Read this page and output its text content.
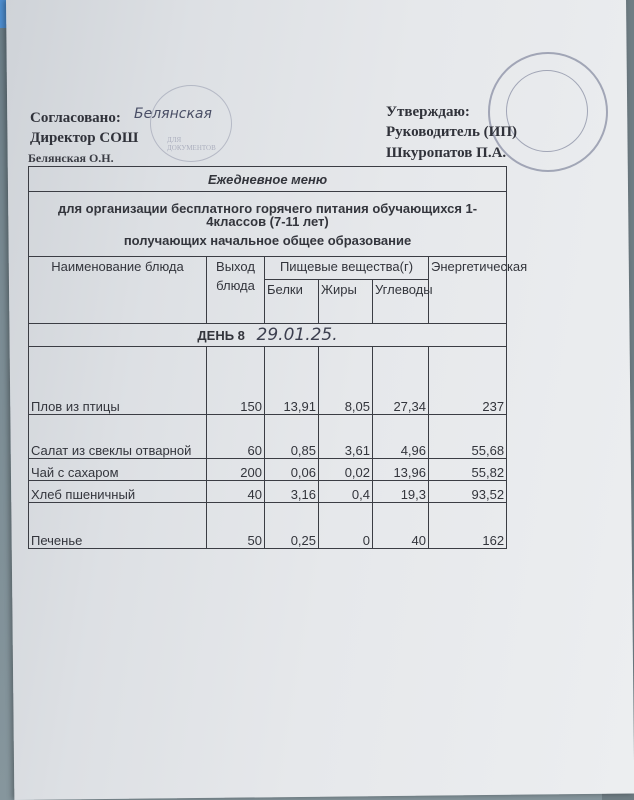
ДЛЯ ДОКУМЕНТОВ
Согласовано: Белянская
Директор СОШ
Белянская О.Н.
Утверждаю:
Руководитель (ИП)
Шкуропатов П.А.
Ежедневное меню					

для организации бесплатного горячего питания обучающихся 1-4классов (7-11 лет)
получающих начальное общее образование					

Наименование блюда	Выход блюда	Пищевые вещества(г)			Энергетическая
		Белки	Жиры	Углеводы	
ДЕНЬ 8 29.01.25.					
Плов из птицы	150	13,91	8,05	27,34	237
Салат из свеклы отварной	60	0,85	3,61	4,96	55,68
Чай с сахаром	200	0,06	0,02	13,96	55,82
Хлеб пшеничный	40	3,16	0,4	19,3	93,52
Печенье	50	0,25	0	40	162
